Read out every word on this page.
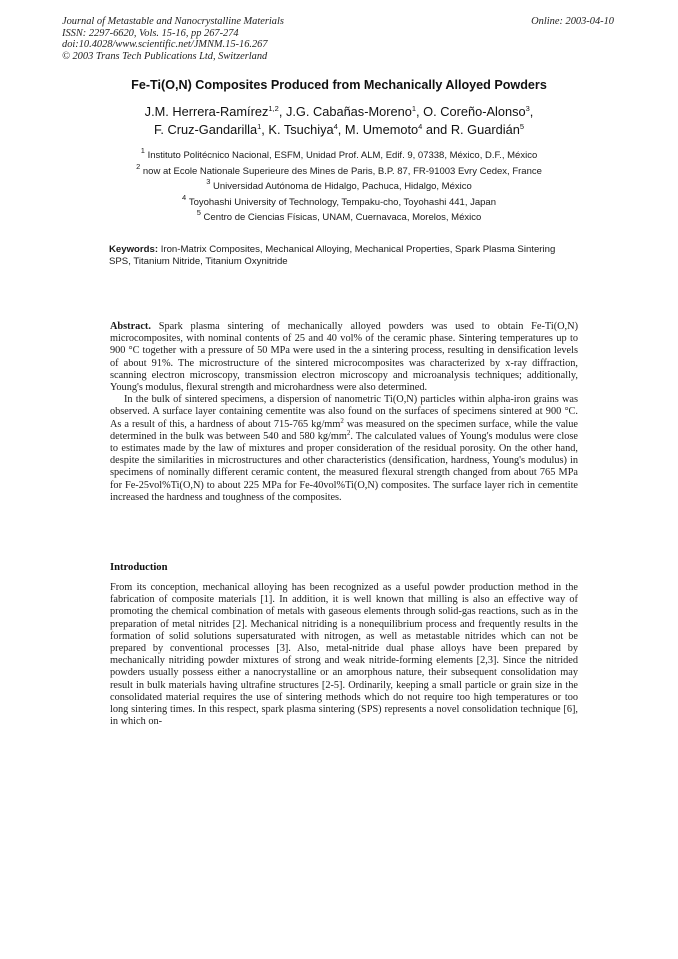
Journal of Metastable and Nanocrystalline Materials
ISSN: 2297-6620, Vols. 15-16, pp 267-274
doi:10.4028/www.scientific.net/JMNM.15-16.267
© 2003 Trans Tech Publications Ltd, Switzerland
Online: 2003-04-10
Fe-Ti(O,N) Composites Produced from Mechanically Alloyed Powders
J.M. Herrera-Ramírez$^{1,2}$, J.G. Cabañas-Moreno$^1$, O. Coreño-Alonso$^3$,
F. Cruz-Gandarilla$^1$, K. Tsuchiya$^4$, M. Umemoto$^4$ and R. Guardián$^5$
$^1$ Instituto Politécnico Nacional, ESFM, Unidad Prof. ALM, Edif. 9, 07338, México, D.F., México
$^2$ now at Ecole Nationale Superieure des Mines de Paris, B.P. 87, FR-91003 Evry Cedex, France
$^3$ Universidad Autónoma de Hidalgo, Pachuca, Hidalgo, México
$^4$ Toyohashi University of Technology, Tempaku-cho, Toyohashi 441, Japan
$^5$ Centro de Ciencias Físicas, UNAM, Cuernavaca, Morelos, México
Keywords: Iron-Matrix Composites, Mechanical Alloying, Mechanical Properties, Spark Plasma Sintering SPS, Titanium Nitride, Titanium Oxynitride

Abstract. Spark plasma sintering of mechanically alloyed powders was used to obtain Fe-Ti(O,N) microcomposites, with nominal contents of 25 and 40 vol% of the ceramic phase. Sintering temperatures up to 900 °C together with a pressure of 50 MPa were used in the a sintering process, resulting in densification levels of about 91%. The microstructure of the sintered microcomposites was characterized by x-ray diffraction, scanning electron microscopy, transmission electron microscopy and microanalysis techniques; additionally, Young's modulus, flexural strength and microhardness were also determined.

In the bulk of sintered specimens, a dispersion of nanometric Ti(O,N) particles within alpha-iron grains was observed. A surface layer containing cementite was also found on the surfaces of specimens sintered at 900 °C. As a result of this, a hardness of about 715-765 $kg/mm^2$ was measured on the specimen surface, while the value determined in the bulk was between 540 and 580 $kg/mm^2$. The calculated values of Young's modulus were close to estimates made by the law of mixtures and proper consideration of the residual porosity. On the other hand, despite the similarities in microstructures and other characteristics (densification, hardness, Young's modulus) in specimens of nominally different ceramic content, the measured flexural strength changed from about 765 MPa for Fe-25vol%Ti(O,N) to about 225 MPa for Fe-40vol%Ti(O,N) composites. The surface layer rich in cementite increased the hardness and toughness of the composites.

Introduction

From its conception, mechanical alloying has been recognized as a useful powder production method in the fabrication of composite materials [1]. In addition, it is well known that milling is also an effective way of promoting the chemical combination of metals with gaseous elements through solid-gas reactions, such as in the preparation of metal nitrides [2]. Mechanical nitriding is a nonequilibrium process and frequently results in the formation of solid solutions supersaturated with nitrogen, as well as metastable nitrides which can not be prepared by conventional processes [3]. Also, metal-nitride dual phase alloys have been prepared by mechanically nitriding powder mixtures of strong and weak nitride-forming elements [2,3]. Since the nitrided powders usually possess either a nanocrystalline or an amorphous nature, their subsequent consolidation may result in bulk materials having ultrafine structures [2-5]. Ordinarily, keeping a small particle or grain size in the consolidated material requires the use of sintering methods which do not require too high temperatures or too long sintering times. In this respect, spark plasma sintering (SPS) represents a novel consolidation technique [6], in which on-
